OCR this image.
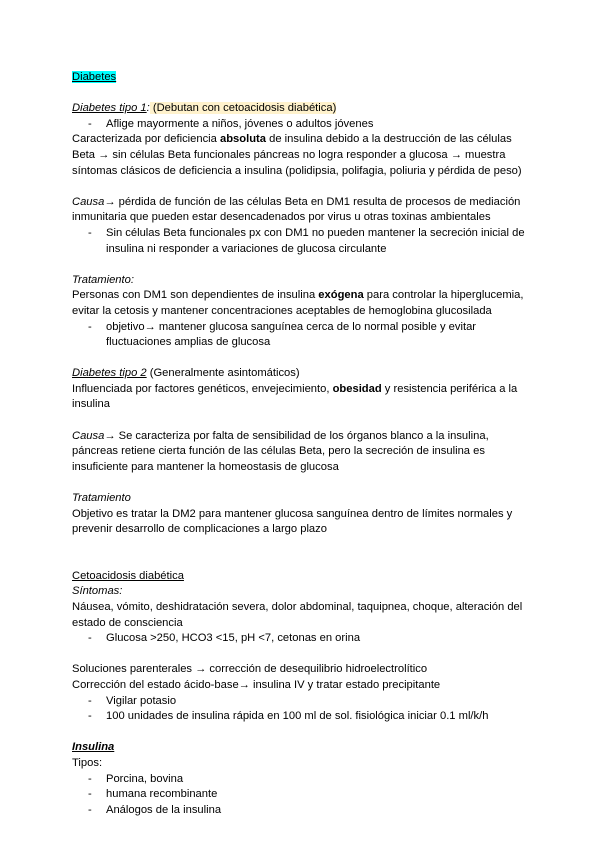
Diabetes
Diabetes tipo 1: (Debutan con cetoacidosis diabética)
- Aflige mayormente a niños, jóvenes o adultos jóvenes
Caracterizada por deficiencia absoluta de insulina debido a la destrucción de las células
Beta → sin células Beta funcionales páncreas no logra responder a glucosa → muestra
síntomas clásicos de deficiencia a insulina (polidipsia, polifagia, poliuria y pérdida de peso)
Causa→ pérdida de función de las células Beta en DM1 resulta de procesos de mediación
inmunitaria que pueden estar desencadenados por virus u otras toxinas ambientales
- Sin células Beta funcionales px con DM1 no pueden mantener la secreción inicial de
insulina ni responder a variaciones de glucosa circulante
Tratamiento:
Personas con DM1 son dependientes de insulina exógena para controlar la hiperglucemia,
evitar la cetosis y mantener concentraciones aceptables de hemoglobina glucosilada
- objetivo→ mantener glucosa sanguínea cerca de lo normal posible y evitar
fluctuaciones amplias de glucosa
Diabetes tipo 2 (Generalmente asintomáticos)
Influenciada por factores genéticos, envejecimiento, obesidad y resistencia periférica a la
insulina
Causa→ Se caracteriza por falta de sensibilidad de los órganos blanco a la insulina,
páncreas retiene cierta función de las células Beta, pero la secreción de insulina es
insuficiente para mantener la homeostasis de glucosa
Tratamiento
Objetivo es tratar la DM2 para mantener glucosa sanguínea dentro de límites normales y
prevenir desarrollo de complicaciones a largo plazo
Cetoacidosis diabética
Síntomas:
Náusea, vómito, deshidratación severa, dolor abdominal, taquipnea, choque, alteración del
estado de consciencia
- Glucosa >250, HCO3 <15, pH <7, cetonas en orina
Soluciones parenterales → corrección de desequilibrio hidroelectrolítico
Corrección del estado ácido-base→ insulina IV y tratar estado precipitante
- Vigilar potasio
- 100 unidades de insulina rápida en 100 ml de sol. fisiológica iniciar 0.1 ml/k/h
Insulina
Tipos:
- Porcina, bovina
- humana recombinante
- Análogos de la insulina
